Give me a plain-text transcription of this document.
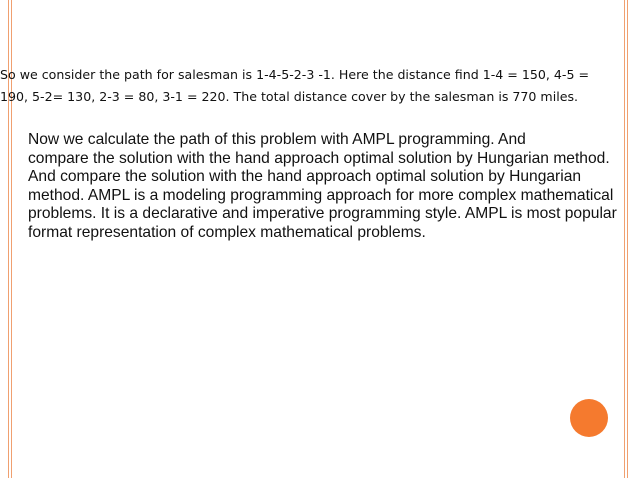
So we consider the path for salesman is 1-4-5-2-3 -1. Here the distance find 1-4 = 150, 4-5 =
190, 5-2= 130, 2-3 = 80, 3-1 = 220. The total distance cover by the salesman is 770 miles.
Now we calculate the path of this problem with AMPL programming. And
compare the solution with the hand approach optimal solution by Hungarian method.
And compare the solution with the hand approach optimal solution by Hungarian
method. AMPL is a modeling programming approach for more complex mathematical
problems. It is a declarative and imperative programming style. AMPL is most popular
format representation of complex mathematical problems.
